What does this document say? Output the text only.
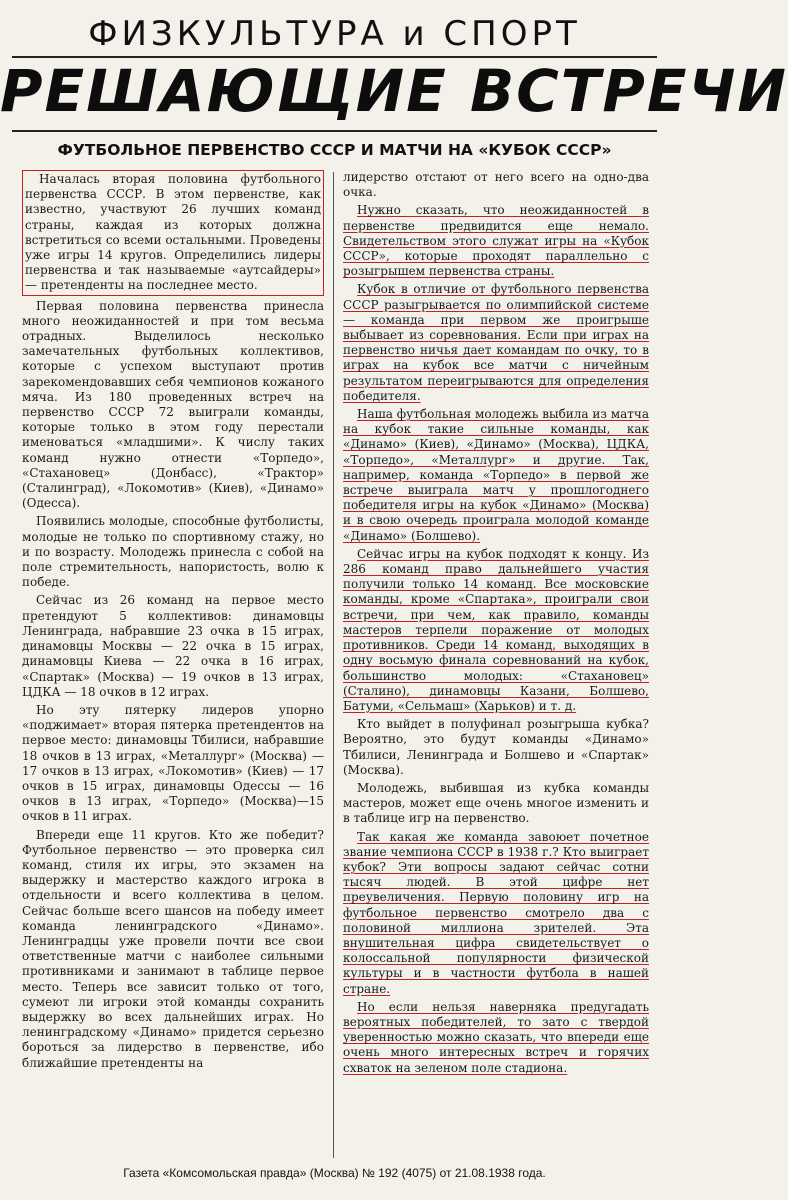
ФИЗКУЛЬТУРА и СПОРТ
РЕШАЮЩИЕ ВСТРЕЧИ
ФУТБОЛЬНОЕ ПЕРВЕНСТВО СССР И МАТЧИ НА «КУБОК СССР»

Началась вторая половина футбольного первенства СССР. В этом первенстве, как известно, участвуют 26 лучших команд страны, каждая из которых должна встретиться со всеми остальными. Проведены уже игры 14 кругов. Определились лидеры первенства и так называемые «аутсайдеры» — претенденты на последнее место.

Первая половина первенства принесла много неожиданностей и при том весьма отрадных. Выделилось несколько замечательных футбольных коллективов, которые с успехом выступают против зарекомендовавших себя чемпионов кожаного мяча. Из 180 проведенных встреч на первенство СССР 72 выиграли команды, которые только в этом году перестали именоваться «младшими». К числу таких команд нужно отнести «Торпедо», «Стахановец» (Донбасс), «Трактор» (Сталинград), «Локомотив» (Киев), «Динамо» (Одесса).

Появились молодые, способные футболисты, молодые не только по спортивному стажу, но и по возрасту. Молодежь принесла с собой на поле стремительность, напористость, волю к победе.

Сейчас из 26 команд на первое место претендуют 5 коллективов: динамовцы Ленинграда, набравшие 23 очка в 15 играх, динамовцы Москвы — 22 очка в 15 играх, динамовцы Киева — 22 очка в 16 играх, «Спартак» (Москва) — 19 очков в 13 играх, ЦДКА — 18 очков в 12 играх.

Но эту пятерку лидеров упорно «поджимает» вторая пятерка претендентов на первое место: динамовцы Тбилиси, набравшие 18 очков в 13 играх, «Металлург» (Москва) — 17 очков в 13 играх, «Локомотив» (Киев) — 17 очков в 15 играх, динамовцы Одессы — 16 очков в 13 играх, «Торпедо» (Москва)—15 очков в 11 играх.

Впереди еще 11 кругов. Кто же победит? Футбольное первенство — это проверка сил команд, стиля их игры, это экзамен на выдержку и мастерство каждого игрока в отдельности и всего коллектива в целом. Сейчас больше всего шансов на победу имеет команда ленинградского «Динамо». Ленинградцы уже провели почти все свои ответственные матчи с наиболее сильными противниками и занимают в таблице первое место. Теперь все зависит только от того, сумеют ли игроки этой команды сохранить выдержку во всех дальнейших играх. Но ленинградскому «Динамо» придется серьезно бороться за лидерство в первенстве, ибо ближайшие претенденты на

лидерство отстают от него всего на одно-два очка.

Нужно сказать, что неожиданностей в первенстве предвидится еще немало. Свидетельством этого служат игры на «Кубок СССР», которые проходят параллельно с розыгрышем первенства страны.

Кубок в отличие от футбольного первенства СССР разыгрывается по олимпийской системе — команда при первом же проигрыше выбывает из соревнования. Если при играх на первенство ничья дает командам по очку, то в играх на кубок все матчи с ничейным результатом переигрываются для определения победителя.

Наша футбольная молодежь выбила из матча на кубок такие сильные команды, как «Динамо» (Киев), «Динамо» (Москва), ЦДКА, «Торпедо», «Металлург» и другие. Так, например, команда «Торпедо» в первой же встрече выиграла матч у прошлогоднего победителя игры на кубок «Динамо» (Москва) и в свою очередь проиграла молодой команде «Динамо» (Болшево).

Сейчас игры на кубок подходят к концу. Из 286 команд право дальнейшего участия получили только 14 команд. Все московские команды, кроме «Спартака», проиграли свои встречи, при чем, как правило, команды мастеров терпели поражение от молодых противников. Среди 14 команд, выходящих в одну восьмую финала соревнований на кубок, большинство молодых: «Стахановец» (Сталино), динамовцы Казани, Болшево, Батуми, «Сельмаш» (Харьков) и т. д.

Кто выйдет в полуфинал розыгрыша кубка? Вероятно, это будут команды «Динамо» Тбилиси, Ленинграда и Болшево и «Спартак» (Москва).

Молодежь, выбившая из кубка команды мастеров, может еще очень многое изменить и в таблице игр на первенство.

Так какая же команда завоюет почетное звание чемпиона СССР в 1938 г.? Кто выиграет кубок? Эти вопросы задают сейчас сотни тысяч людей. В этой цифре нет преувеличения. Первую половину игр на футбольное первенство смотрело два с половиной миллиона зрителей. Эта внушительная цифра свидетельствует о колоссальной популярности физической культуры и в частности футбола в нашей стране.

Но если нельзя наверняка предугадать вероятных победителей, то зато с твердой уверенностью можно сказать, что впереди еще очень много интересных встреч и горячих схваток на зеленом поле стадиона.

Газета «Комсомольская правда» (Москва) № 192 (4075) от 21.08.1938 года.
